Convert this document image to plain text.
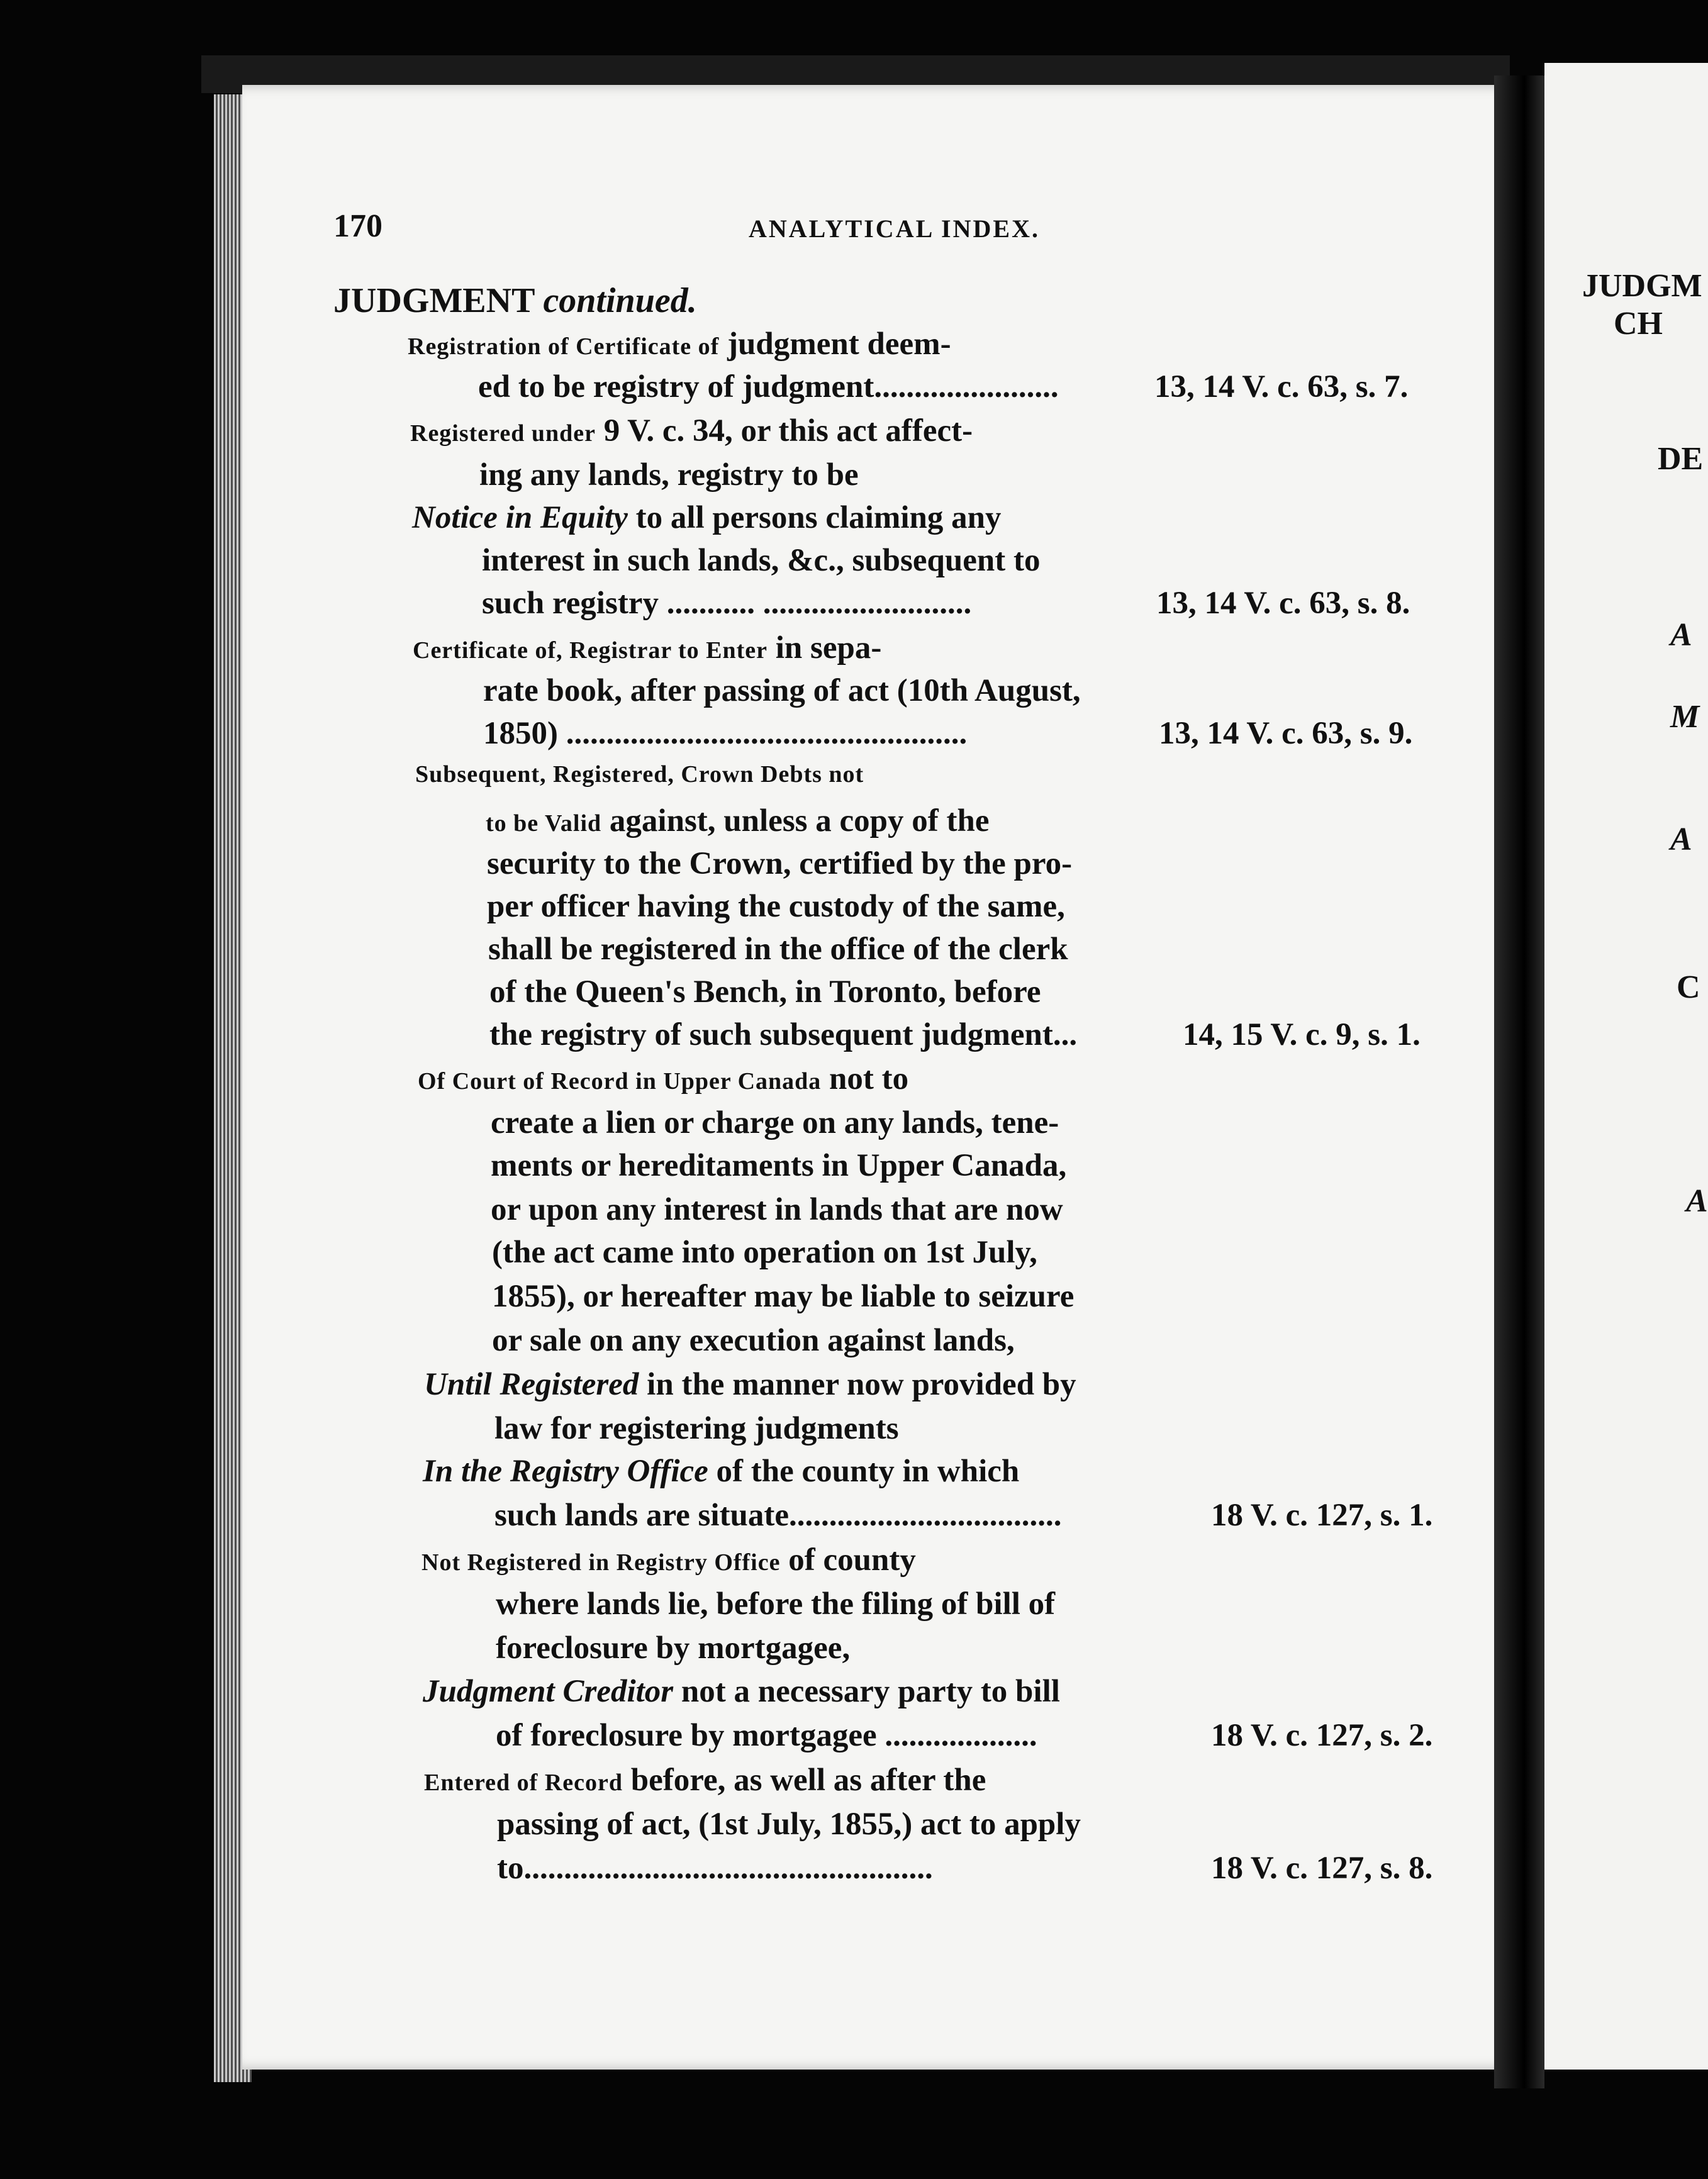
JUDGM
CH
DE
A
M
A
C
A
170	ANALYTICAL INDEX.
JUDGMENT continued.
Registration of Certificate of judgment deem-
ed to be registry of judgment.......................	13, 14 V. c. 63, s. 7.
Registered under 9 V. c. 34, or this act affect-
ing any lands, registry to be
Notice in Equity to all persons claiming any
interest in such lands, &c., subsequent to
such registry ........... ..........................	13, 14 V. c. 63, s. 8.
Certificate of, Registrar to Enter in sepa-
rate book, after passing of act (10th August,
1850) ..................................................	13, 14 V. c. 63, s. 9.
Subsequent, Registered, Crown Debts not
to be Valid against, unless a copy of the
security to the Crown, certified by the pro-
per officer having the custody of the same,
shall be registered in the office of the clerk
of the Queen's Bench, in Toronto, before
the registry of such subsequent judgment...	14, 15 V. c. 9, s. 1.
Of Court of Record in Upper Canada not to
create a lien or charge on any lands, tene-
ments or hereditaments in Upper Canada,
or upon any interest in lands that are now
(the act came into operation on 1st July,
1855), or hereafter may be liable to seizure
or sale on any execution against lands,
Until Registered in the manner now provided by
law for registering judgments
In the Registry Office of the county in which
such lands are situate..................................	18 V. c. 127, s. 1.
Not Registered in Registry Office of county
where lands lie, before the filing of bill of
foreclosure by mortgagee,
Judgment Creditor not a necessary party to bill
of foreclosure by mortgagee ...................	18 V. c. 127, s. 2.
Entered of Record before, as well as after the
passing of act, (1st July, 1855,) act to apply
to...................................................	18 V. c. 127, s. 8.
